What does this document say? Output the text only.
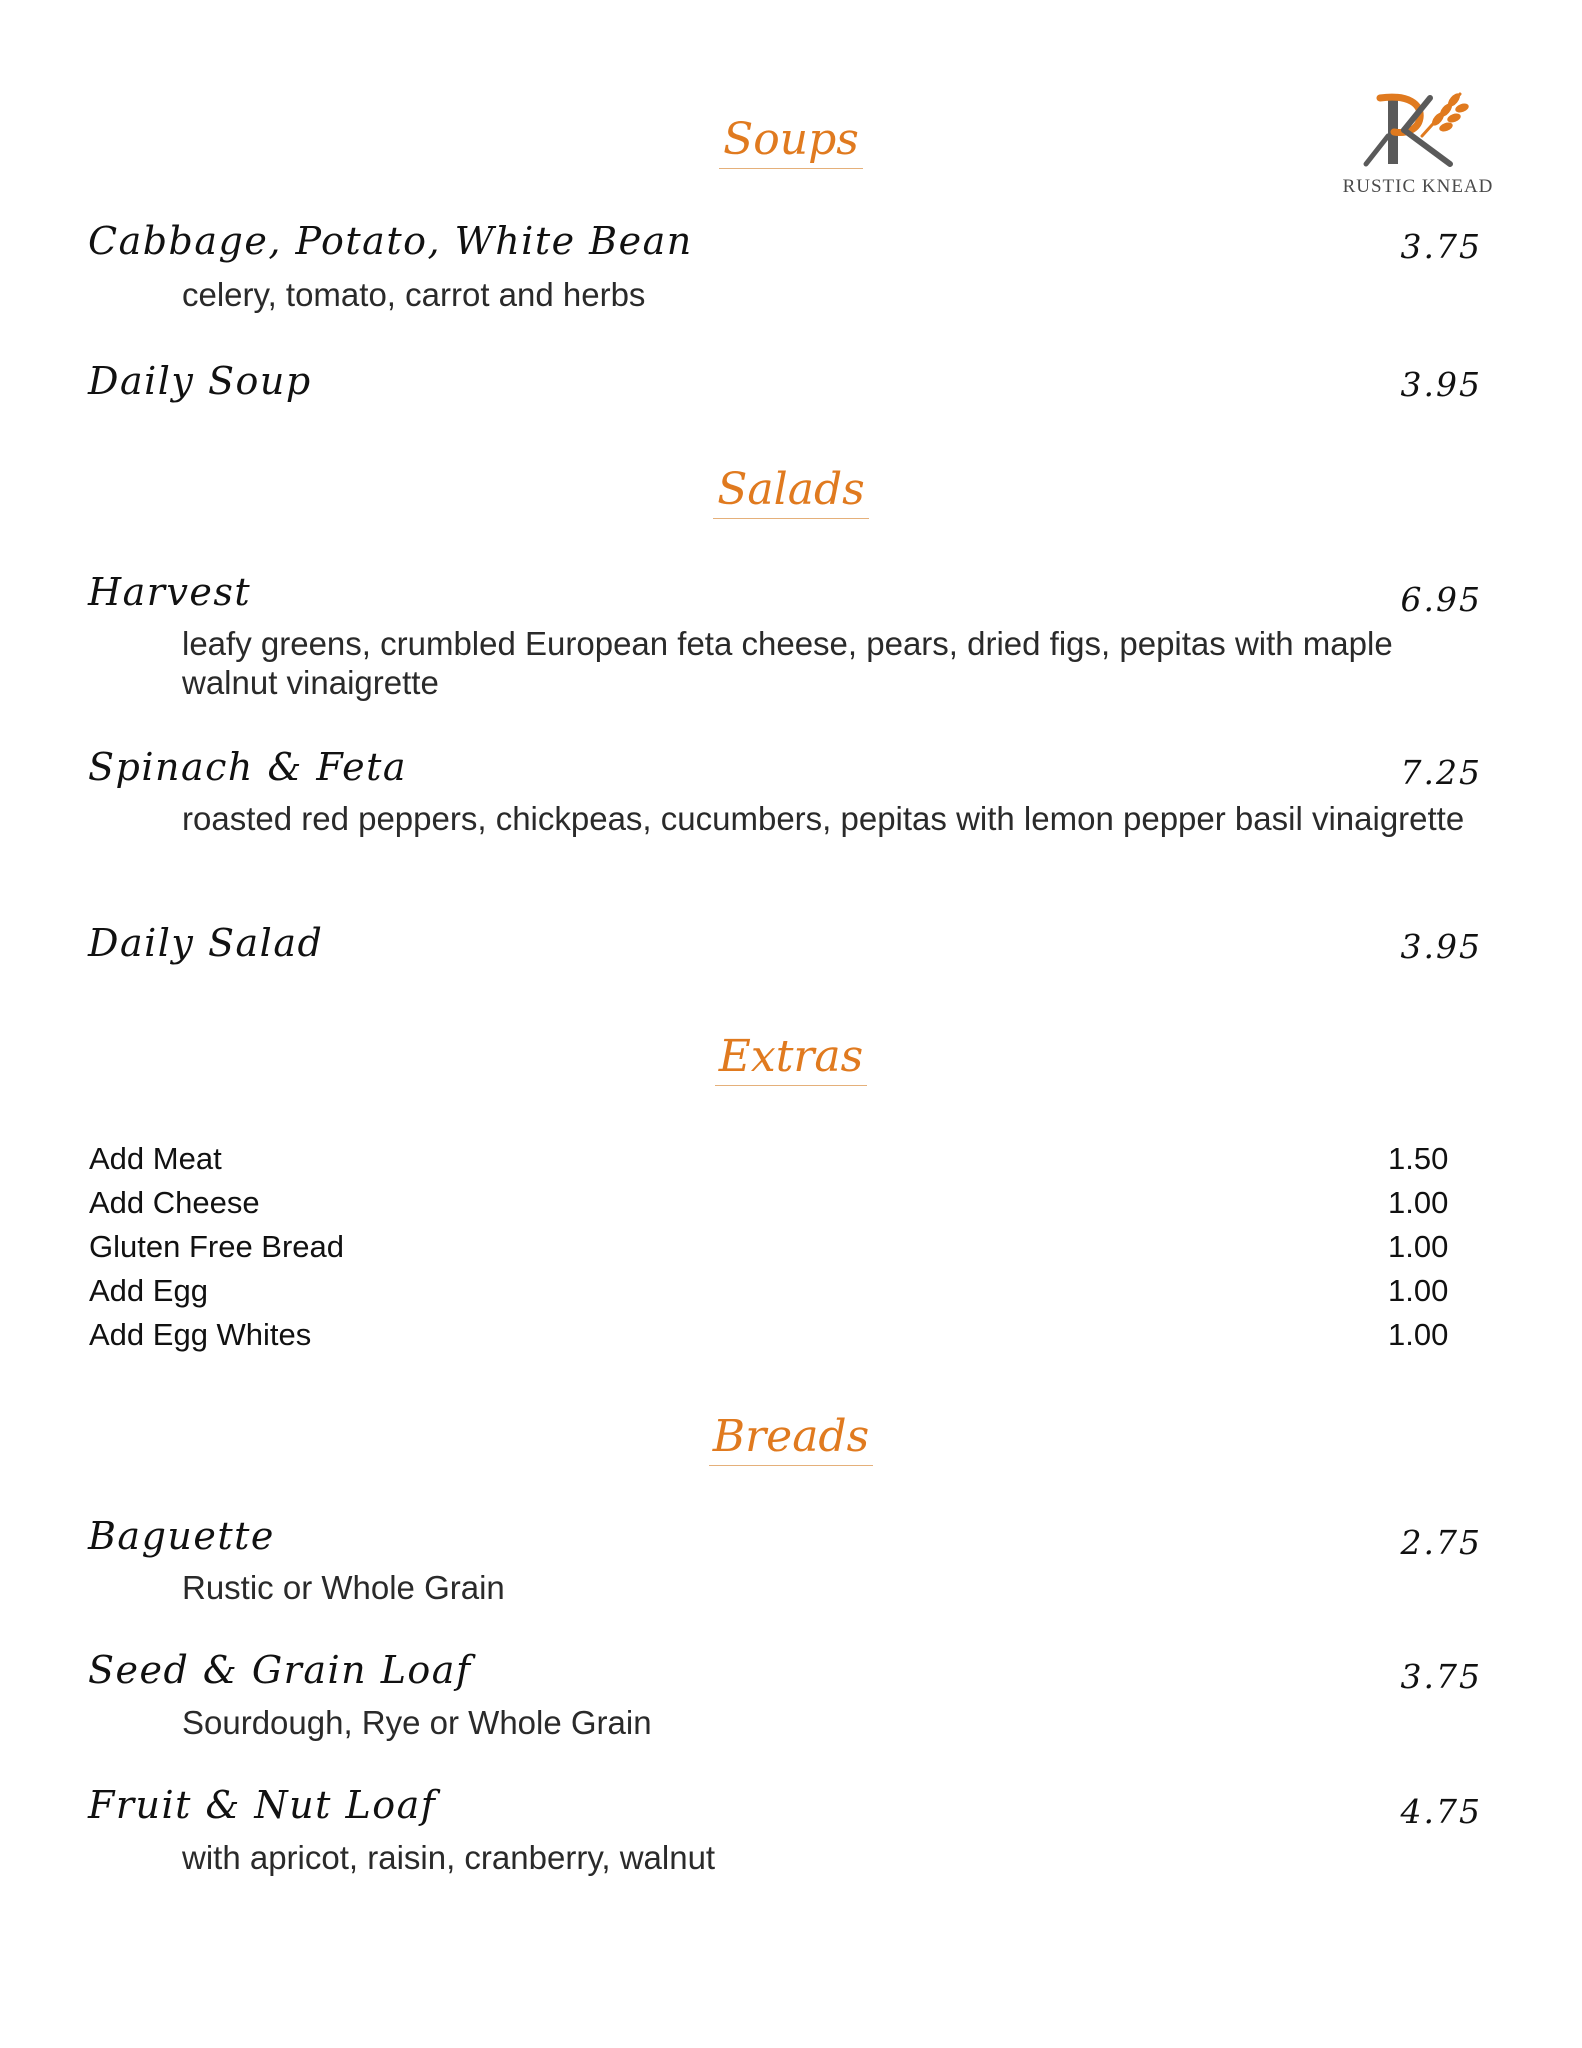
RUSTIC KNEAD
Soups
Cabbage, Potato, White Bean	3.75
celery, tomato, carrot and herbs
Daily Soup	3.95
Salads
Harvest	6.95
leafy greens, crumbled European feta cheese, pears, dried figs, pepitas with maple walnut vinaigrette
Spinach & Feta	7.25
roasted red peppers, chickpeas, cucumbers, pepitas with lemon pepper basil vinaigrette
Daily Salad	3.95
Extras
Add Meat	1.50
Add Cheese	1.00
Gluten Free Bread	1.00
Add Egg	1.00
Add Egg Whites	1.00
Breads
Baguette	2.75
Rustic or Whole Grain
Seed & Grain Loaf	3.75
Sourdough, Rye or Whole Grain
Fruit & Nut Loaf	4.75
with apricot, raisin, cranberry, walnut
